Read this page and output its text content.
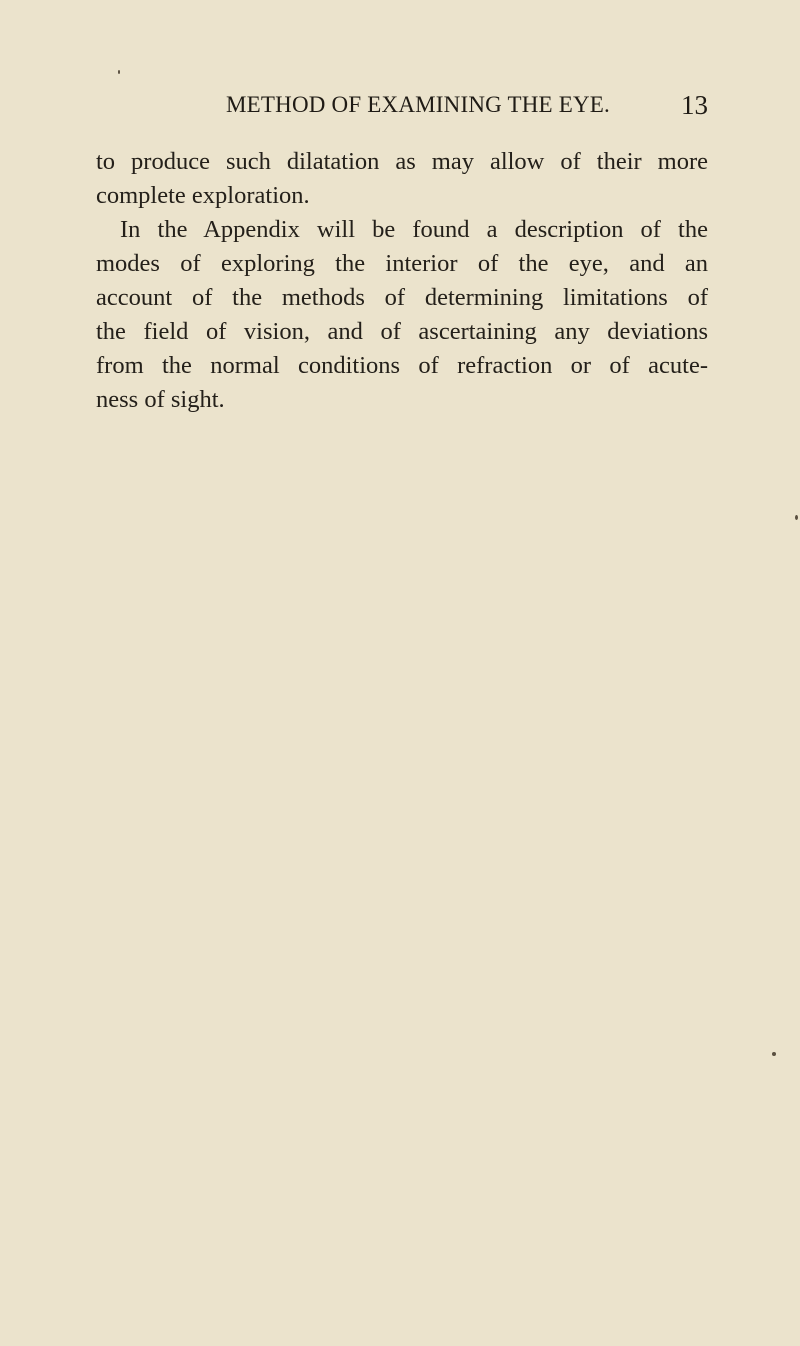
METHOD OF EXAMINING THE EYE.	13
to produce such dilatation as may allow of their more
complete exploration.
In the Appendix will be found a description of the
modes of exploring the interior of the eye, and an
account of the methods of determining limitations of
the field of vision, and of ascertaining any deviations
from the normal conditions of refraction or of acute-
ness of sight.
